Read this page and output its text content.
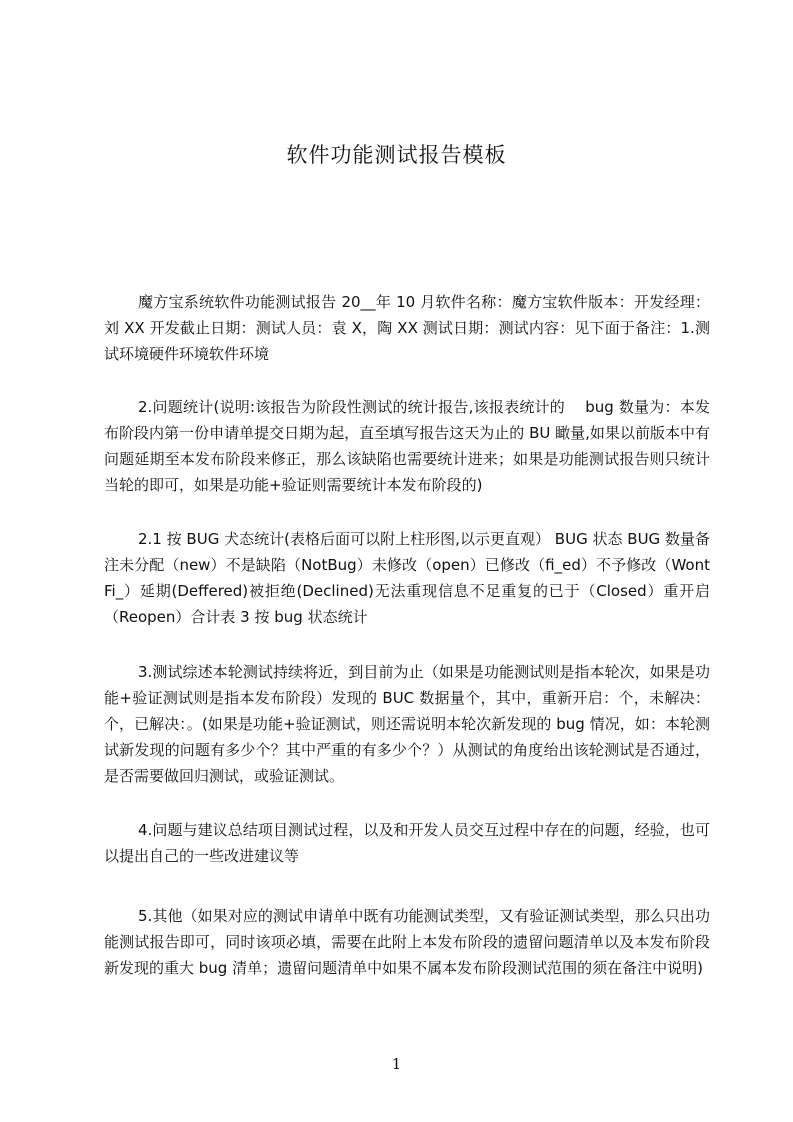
软件功能测试报告模板
魔方宝系统软件功能测试报告 20__年 10 月软件名称：魔方宝软件版本：开发经理：刘 XX 开发截止日期：测试人员：袁 X，陶 XX 测试日期：测试内容：见下面于备注：1.测试环境硬件环境软件环境
2.问题统计(说明:该报告为阶段性测试的统计报告,该报表统计的　 bug 数量为：本发布阶段内第一份申请单提交日期为起，直至填写报告这天为止的 BU 瞰量,如果以前版本中有问题延期至本发布阶段来修正，那么该缺陷也需要统计进来；如果是功能测试报告则只统计当轮的即可，如果是功能+验证则需要统计本发布阶段的)
2.1 按 BUG 犬态统计(表格后面可以附上柱形图,以示更直观） BUG 状态 BUG 数量备注未分配（new）不是缺陷（NotBug）未修改（open）已修改（fi_ed）不予修改（WontFi_）延期(Deffered)被拒绝(Declined)无法重现信息不足重复的已于（Closed）重开启（Reopen）合计表 3 按 bug 状态统计
3.测试综述本轮测试持续将近，到目前为止（如果是功能测试则是指本轮次，如果是功能+验证测试则是指本发布阶段）发现的 BUC 数据量个，其中，重新开启：个，未解决：个，已解决：。(如果是功能+验证测试，则还需说明本轮次新发现的 bug 情况，如：本轮测试新发现的问题有多少个？其中严重的有多少个？）从测试的角度绐出该轮测试是否通过，是否需要做回归测试，或验证测试。
4.问题与建议总结项目测试过程，以及和开发人员交互过程中存在的问题，经验，也可以提出自己的一些改进建议等
5.其他（如果对应的测试申请单中既有功能测试类型，又有验证测试类型，那么只出功能测试报告即可，同时该项必填，需要在此附上本发布阶段的遗留问题清单以及本发布阶段新发现的重大 bug 清单；遗留问题清单中如果不属本发布阶段测试范围的须在备注中说明)
1
